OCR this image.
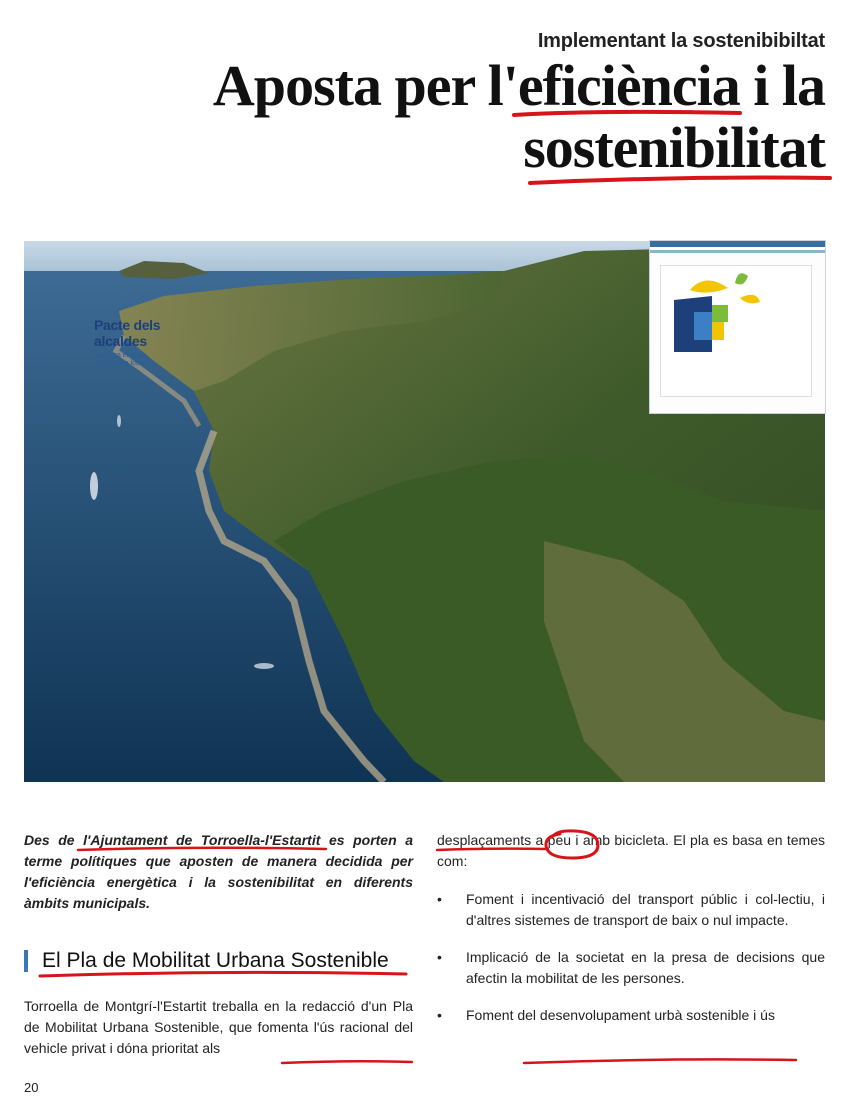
Implementant la sostenibibiltat
Aposta per l'eficiència i la
sostenibilitat
Pacte dels
alcaldes
per una energia sostenible local

Des de l'Ajuntament de Torroella-l'Estartit es porten a terme polítiques que aposten de manera decidida per l'eficiència energètica i la sostenibilitat en diferents àmbits municipals.

Torroella de Montgrí-l'Estartit treballa en la redacció d'un Pla de Mobilitat Urbana Sostenible, que fomenta l'ús racional del vehicle privat i dóna prioritat als

El Pla de Mobilitat Urbana Sostenible

desplaçaments a peu i amb bicicleta. El pla es basa en temes com:

• Foment i incentivació del transport públic i col-lectiu, i d'altres sistemes de transport de baix o nul impacte.
• Implicació de la societat en la presa de decisions que afectin la mobilitat de les persones.
• Foment del desenvolupament urbà sostenible i ús
20
